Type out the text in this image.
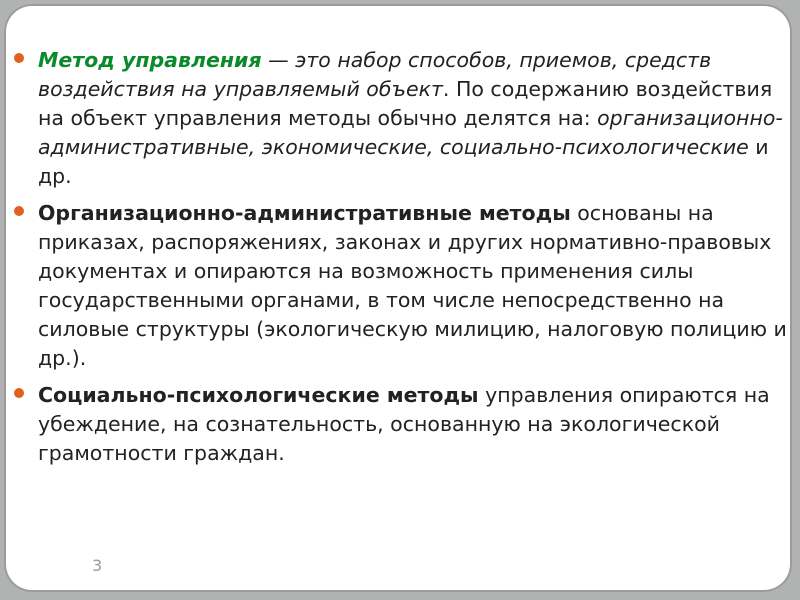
Метод управления — это набор способов, приемов, средств воздействия на управляемый объект. По содержанию воздействия на объект управления методы обычно делятся на: организационно-административные, экономические, социально-психологические и др.

Организационно-административные методы основаны на приказах, распоряжениях, законах и других нормативно-правовых документах и опираются на возможность применения силы государственными органами, в том числе непосредственно на силовые структуры (экологическую милицию, налоговую полицию и др.).

Социально-психологические методы управления опираются на убеждение, на сознательность, основанную на экологической грамотности граждан.

3
